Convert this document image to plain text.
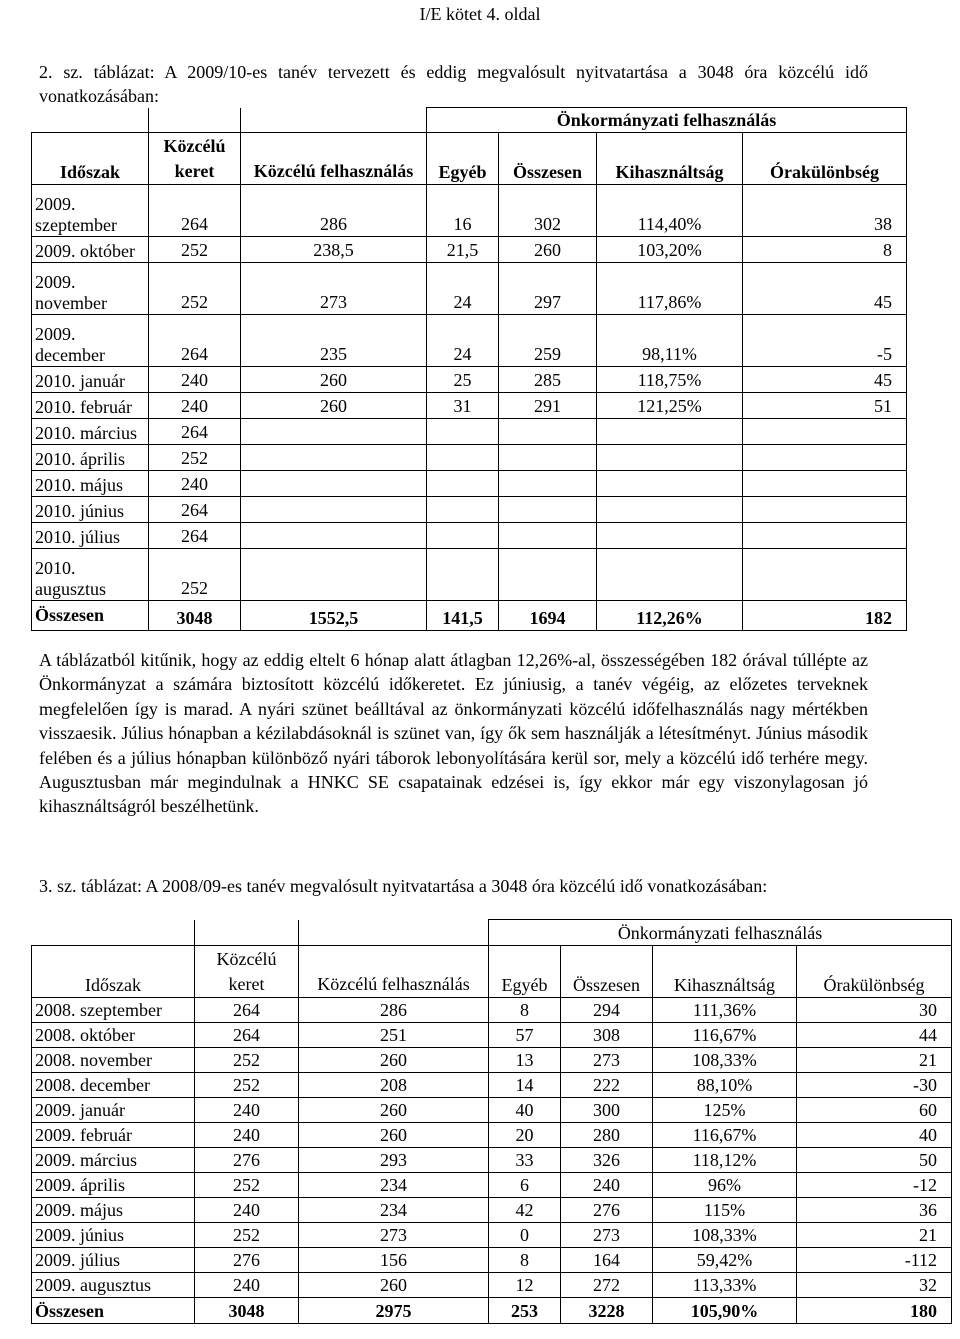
I/E kötet 4. oldal
2. sz. táblázat: A 2009/10-es tanév tervezett és eddig megvalósult nyitvatartása a 3048 óra közcélú idő vonatkozásában:
			Önkormányzati felhasználás			
Időszak	Közcélú keret	Közcélú felhasználás	Egyéb	Összesen	Kihasználtság	Órakülönbség
2009. szeptember	264	286	16	302	114,40%	38
2009. október	252	238,5	21,5	260	103,20%	8
2009. november	252	273	24	297	117,86%	45
2009. december	264	235	24	259	98,11%	-5
2010. január	240	260	25	285	118,75%	45
2010. február	240	260	31	291	121,25%	51
2010. március	264					
2010. április	252					
2010. május	240					
2010. június	264					
2010. július	264					
2010. augusztus	252					
Összesen	3048	1552,5	141,5	1694	112,26%	182
A táblázatból kitűnik, hogy az eddig eltelt 6 hónap alatt átlagban 12,26%-al, összességében 182 órával túllépte az Önkormányzat a számára biztosított közcélú időkeretet. Ez júniusig, a tanév végéig, az előzetes terveknek megfelelően így is marad. A nyári szünet beálltával az önkormányzati közcélú időfelhasználás nagy mértékben visszaesik. Július hónapban a kézilabdásoknál is szünet van, így ők sem használják a létesítményt. Június második felében és a július hónapban különböző nyári táborok lebonyolítására kerül sor, mely a közcélú idő terhére megy. Augusztusban már megindulnak a HNKC SE csapatainak edzései is, így ekkor már egy viszonylagosan jó kihasználtságról beszélhetünk.
3. sz. táblázat: A 2008/09-es tanév megvalósult nyitvatartása a 3048 óra közcélú idő vonatkozásában:
			Önkormányzati felhasználás			
Időszak	Közcélú keret	Közcélú felhasználás	Egyéb	Összesen	Kihasználtság	Órakülönbség
2008. szeptember	264	286	8	294	111,36%	30
2008. október	264	251	57	308	116,67%	44
2008. november	252	260	13	273	108,33%	21
2008. december	252	208	14	222	88,10%	-30
2009. január	240	260	40	300	125%	60
2009. február	240	260	20	280	116,67%	40
2009. március	276	293	33	326	118,12%	50
2009. április	252	234	6	240	96%	-12
2009. május	240	234	42	276	115%	36
2009. június	252	273	0	273	108,33%	21
2009. július	276	156	8	164	59,42%	-112
2009. augusztus	240	260	12	272	113,33%	32
Összesen	3048	2975	253	3228	105,90%	180
